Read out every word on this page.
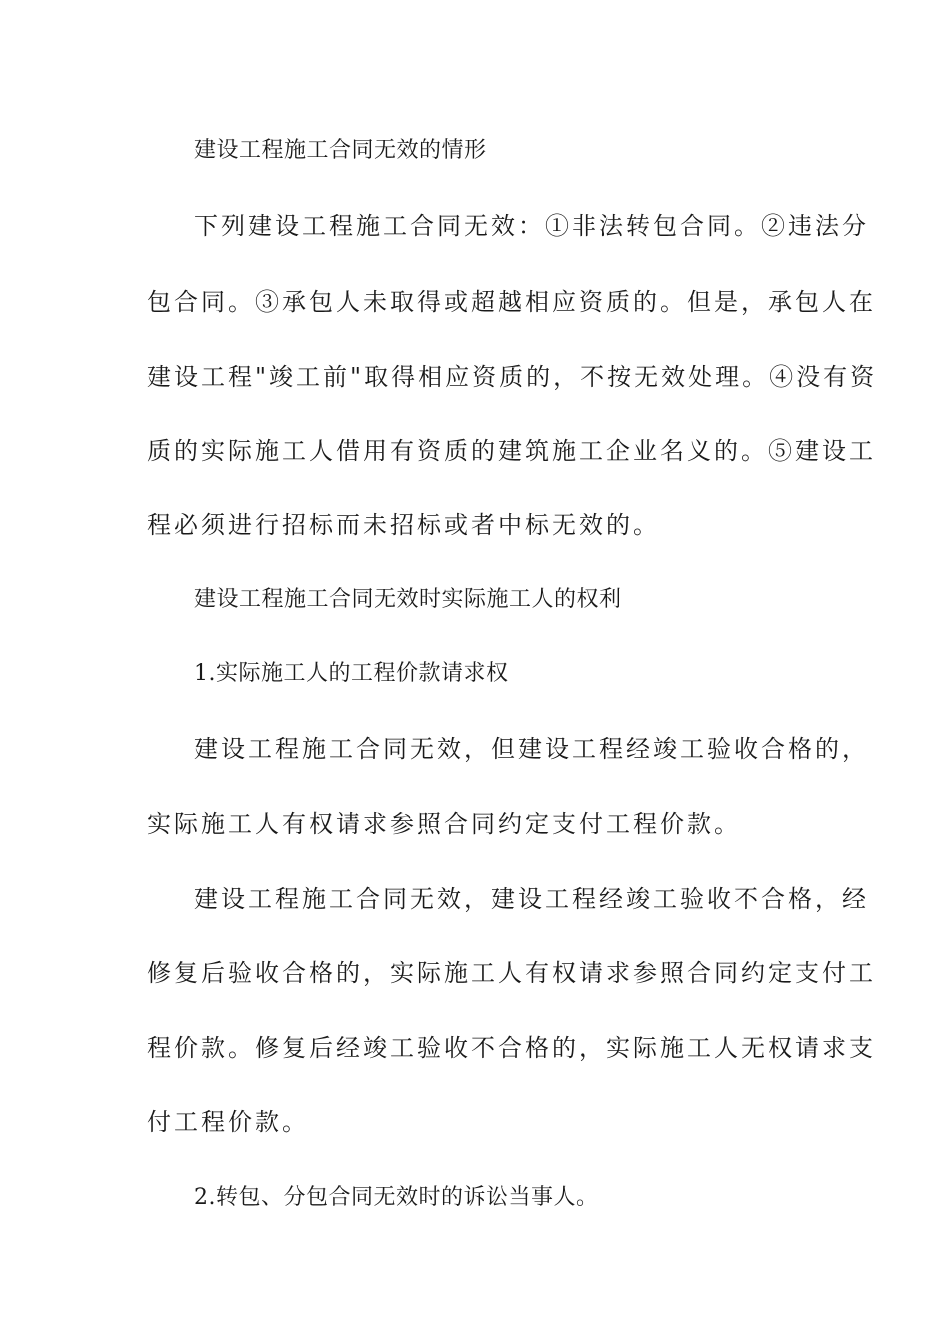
建设工程施工合同无效的情形
下列建设工程施工合同无效：①非法转包合同。②违法分
包合同。③承包人未取得或超越相应资质的。但是，承包人在
建设工程"竣工前"取得相应资质的，不按无效处理。④没有资
质的实际施工人借用有资质的建筑施工企业名义的。⑤建设工
程必须进行招标而未招标或者中标无效的。
建设工程施工合同无效时实际施工人的权利
1.实际施工人的工程价款请求权
建设工程施工合同无效，但建设工程经竣工验收合格的，
实际施工人有权请求参照合同约定支付工程价款。
建设工程施工合同无效，建设工程经竣工验收不合格，经
修复后验收合格的，实际施工人有权请求参照合同约定支付工
程价款。修复后经竣工验收不合格的，实际施工人无权请求支
付工程价款。
2.转包、分包合同无效时的诉讼当事人。
